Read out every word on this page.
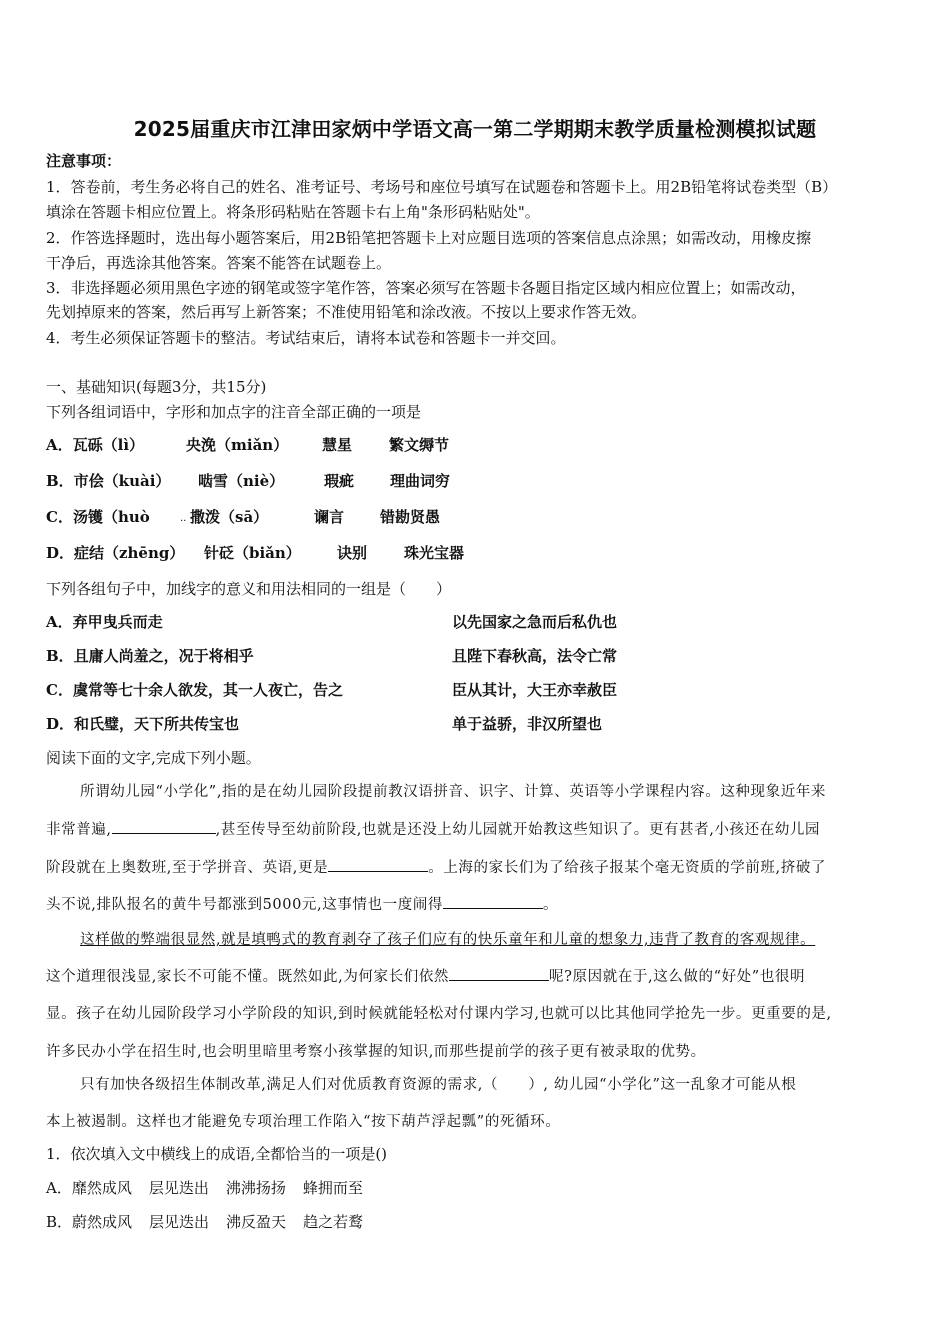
2025届重庆市江津田家炳中学语文高一第二学期期末教学质量检测模拟试题
注意事项：
1．答卷前，考生务必将自己的姓名、准考证号、考场号和座位号填写在试题卷和答题卡上。用2B铅笔将试卷类型（B）
填涂在答题卡相应位置上。将条形码粘贴在答题卡右上角"条形码粘贴处"。
2．作答选择题时，选出每小题答案后，用2B铅笔把答题卡上对应题目选项的答案信息点涂黑；如需改动，用橡皮擦
干净后，再选涂其他答案。答案不能答在试题卷上。
3．非选择题必须用黑色字迹的钢笔或签字笔作答，答案必须写在答题卡各题目指定区域内相应位置上；如需改动，
先划掉原来的答案，然后再写上新答案；不准使用铅笔和涂改液。不按以上要求作答无效。
4．考生必须保证答题卡的整洁。考试结束后，请将本试卷和答题卡一并交回。
一、基础知识(每题3分，共15分)
下列各组词语中，字形和加点字的注音全部正确的一项是
A．瓦砾（lì）	央浼（miǎn） 慧星 繁文缛节
B．市侩（kuài） 啮雪（niè）	瑕疵 理曲词穷
C．汤镬（huò	·· 撒泼（sā）	谰言 错勘贤愚
D．症结（zhēng） 针砭（biǎn） 诀别 珠光宝器
下列各组句子中，加线字的意义和用法相同的一组是（　　）
A．弃甲曳兵而走	以先国家之急而后私仇也
B．且庸人尚羞之，况于将相乎	且陛下春秋高，法令亡常
C．虞常等七十余人欲发，其一人夜亡，告之	臣从其计，大王亦幸赦臣
D．和氏璧，天下所共传宝也	单于益骄，非汉所望也
阅读下面的文字,完成下列小题。
所谓幼儿园“小学化”,指的是在幼儿园阶段提前教汉语拼音、识字、计算、英语等小学课程内容。这种现象近年来
非常普遍,	,甚至传导至幼前阶段,也就是还没上幼儿园就开始教这些知识了。更有甚者,小孩还在幼儿园
阶段就在上奥数班,至于学拼音、英语,更是	。上海的家长们为了给孩子报某个毫无资质的学前班,挤破了
头不说,排队报名的黄牛号都涨到5000元,这事情也一度闹得	。
这样做的弊端很显然,就是填鸭式的教育剥夺了孩子们应有的快乐童年和儿童的想象力,违背了教育的客观规律。
这个道理很浅显,家长不可能不懂。既然如此,为何家长们依然	呢?原因就在于,这么做的“好处”也很明
显。孩子在幼儿园阶段学习小学阶段的知识,到时候就能轻松对付课内学习,也就可以比其他同学抢先一步。更重要的是,
许多民办小学在招生时,也会明里暗里考察小孩掌握的知识,而那些提前学的孩子更有被录取的优势。
只有加快各级招生体制改革,满足人们对优质教育资源的需求,（　　）, 幼儿园“小学化”这一乱象才可能从根
本上被遏制。这样也才能避免专项治理工作陷入“按下葫芦浮起瓢”的死循环。
1．依次填入文中横线上的成语,全都恰当的一项是()
A．靡然成风 层见迭出 沸沸扬扬 蜂拥而至
B．蔚然成风 层见迭出 沸反盈天 趋之若鹜
